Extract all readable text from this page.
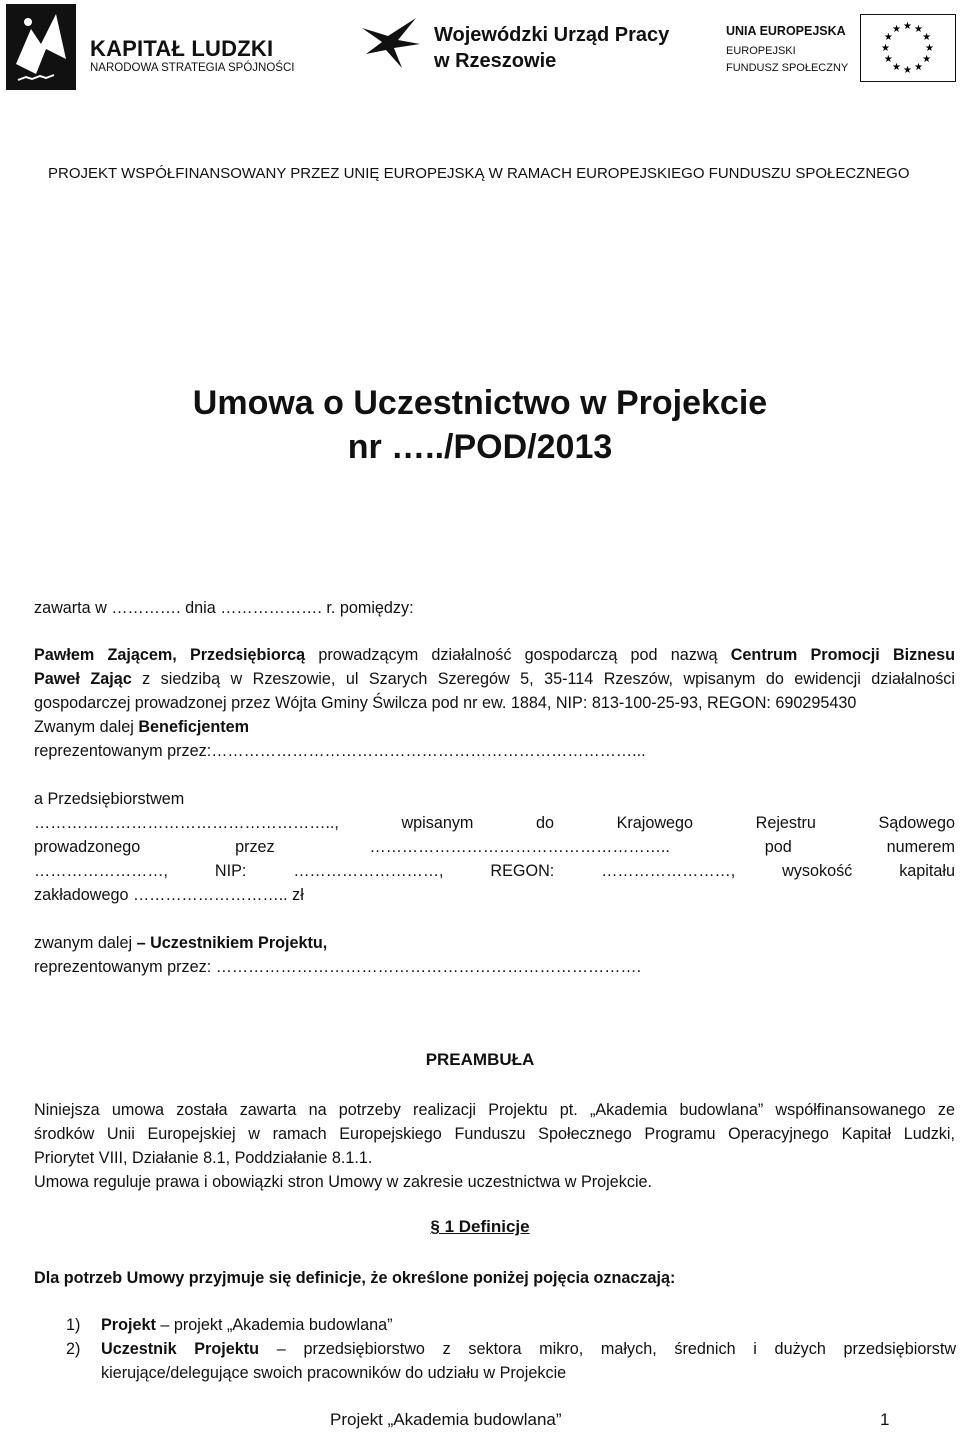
KAPITAŁ LUDZKI
NARODOWA STRATEGIA SPÓJNOŚCI
Wojewódzki Urząd Pracy
w Rzeszowie
UNIA EUROPEJSKA
EUROPEJSKI
FUNDUSZ SPOŁECZNY
★ ★
★
★
★
★
★
★
★
★
★
★
PROJEKT WSPÓŁFINANSOWANY PRZEZ UNIĘ EUROPEJSKĄ W RAMACH EUROPEJSKIEGO FUNDUSZU SPOŁECZNEGO
Umowa o Uczestnictwo w Projekcie
nr …../POD/2013
zawarta w …………. dnia ………………. r. pomiędzy:
Pawłem Zającem, Przedsiębiorcą prowadzącym działalność gospodarczą pod nazwą Centrum Promocji Biznesu
Paweł Zając z siedzibą w Rzeszowie, ul Szarych Szeregów 5, 35-114 Rzeszów, wpisanym do ewidencji działalności
gospodarczej prowadzonej przez Wójta Gminy Świlcza pod nr ew. 1884, NIP: 813-100-25-93, REGON: 690295430
Zwanym dalej Beneficjentem
reprezentowanym przez:……………………………………………………………………...
a Przedsiębiorstwem
……………………………………………….., wpisanym do Krajowego Rejestru Sądowego
prowadzonego przez ……………………………………………….. pod numerem
……………………, NIP: ………………………, REGON: ……………………, wysokość kapitału
zakładowego ……………………….. zł
zwanym dalej – Uczestnikiem Projektu,
reprezentowanym przez: …………………………………………………………………….
PREAMBUŁA
Niniejsza umowa została zawarta na potrzeby realizacji Projektu pt. „Akademia budowlana” współfinansowanego ze
środków Unii Europejskiej w ramach Europejskiego Funduszu Społecznego Programu Operacyjnego Kapitał Ludzki,
Priorytet VIII, Działanie 8.1, Poddziałanie 8.1.1.
Umowa reguluje prawa i obowiązki stron Umowy w zakresie uczestnictwa w Projekcie.
§ 1 Definicje
Dla potrzeb Umowy przyjmuje się definicje, że określone poniżej pojęcia oznaczają:
1)	Projekt – projekt „Akademia budowlana”
2)	Uczestnik Projektu – przedsiębiorstwo z sektora mikro, małych, średnich i dużych przedsiębiorstw
kierujące/delegujące swoich pracowników do udziału w Projekcie
Projekt „Akademia budowlana”	1
